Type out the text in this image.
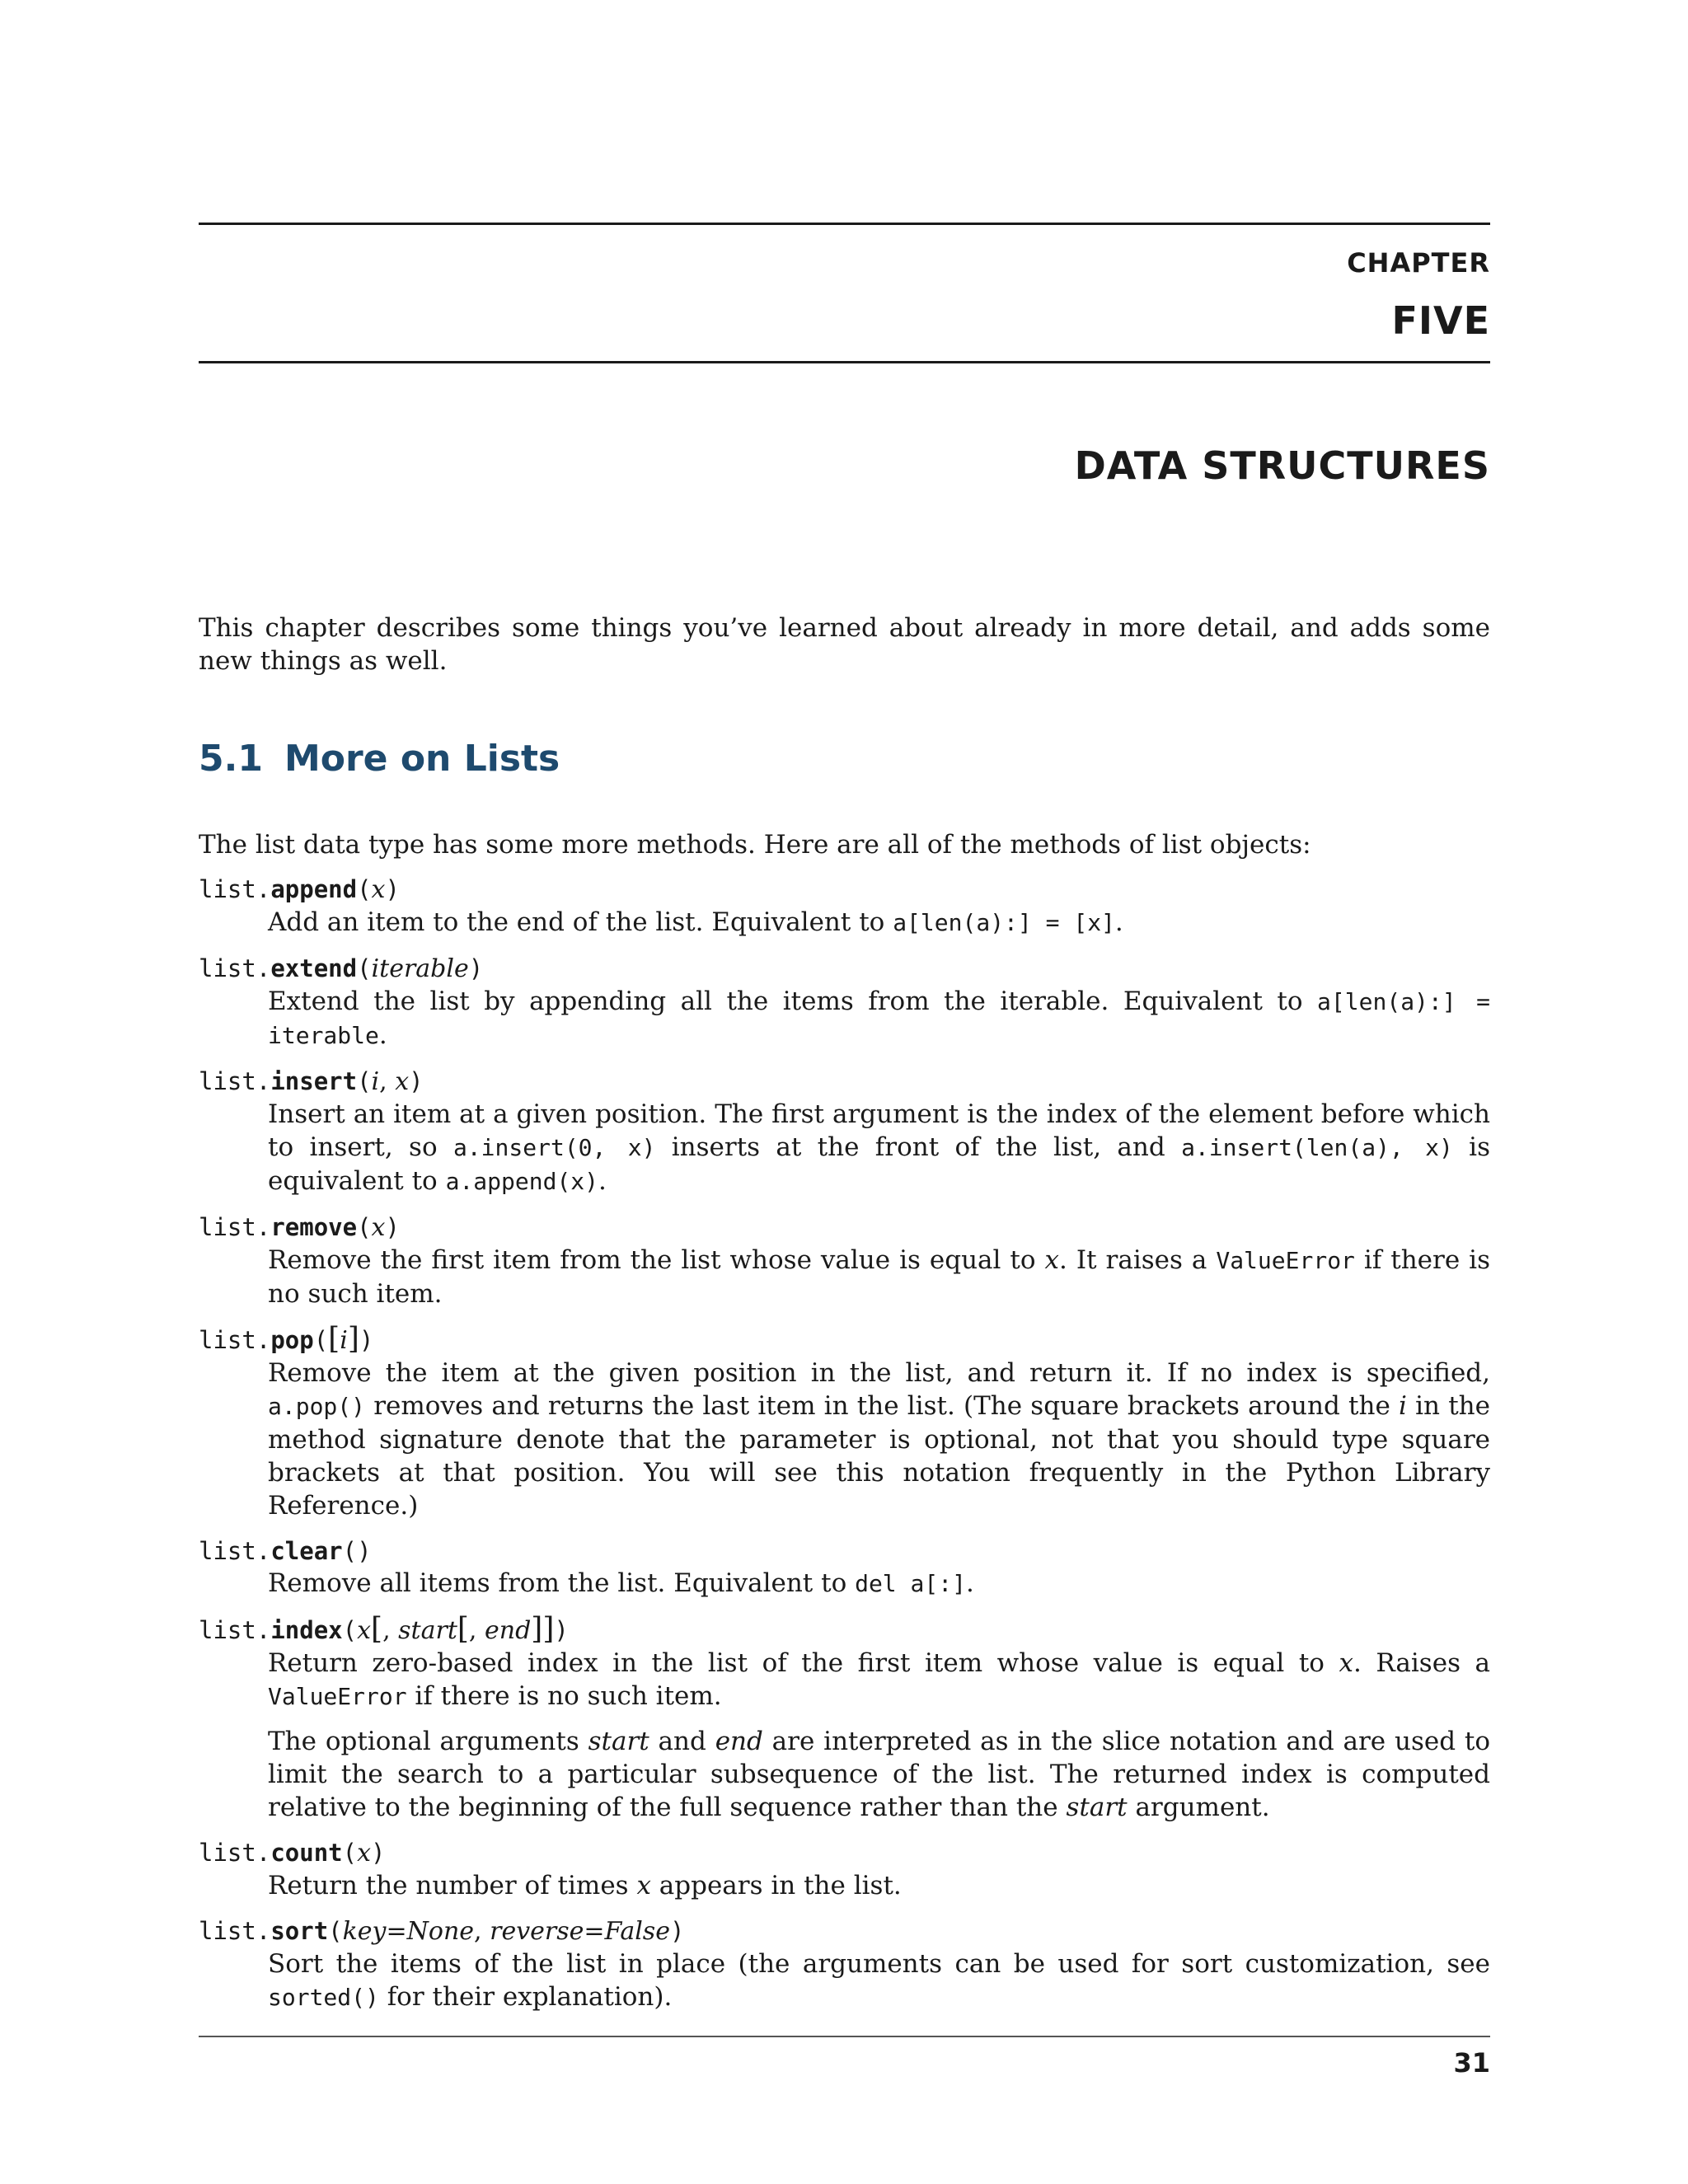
CHAPTER
FIVE
DATA STRUCTURES

This chapter describes some things you’ve learned about already in more detail, and adds some new things as well.

5.1 More on Lists

The list data type has some more methods. Here are all of the methods of list objects:

list.append(x)

Add an item to the end of the list. Equivalent to a[len(a):] = [x].

list.extend(iterable)

Extend the list by appending all the items from the iterable. Equivalent to a[len(a):] = iterable.

list.insert(i, x)

Insert an item at a given position. The first argument is the index of the element before which to insert, so a.insert(0, x) inserts at the front of the list, and a.insert(len(a), x) is equivalent to a.append(x).

list.remove(x)

Remove the first item from the list whose value is equal to x. It raises a ValueError if there is no such item.

list.pop([i])

Remove the item at the given position in the list, and return it. If no index is specified, a.pop() removes and returns the last item in the list. (The square brackets around the i in the method signature denote that the parameter is optional, not that you should type square brackets at that position. You will see this notation frequently in the Python Library Reference.)

list.clear()

Remove all items from the list. Equivalent to del a[:].

list.index(x[, start[, end]])

Return zero-based index in the list of the first item whose value is equal to x. Raises a ValueError if there is no such item.

The optional arguments start and end are interpreted as in the slice notation and are used to limit the search to a particular subsequence of the list. The returned index is computed relative to the beginning of the full sequence rather than the start argument.

list.count(x)

Return the number of times x appears in the list.

list.sort(key=None, reverse=False)

Sort the items of the list in place (the arguments can be used for sort customization, see sorted() for their explanation).

31
